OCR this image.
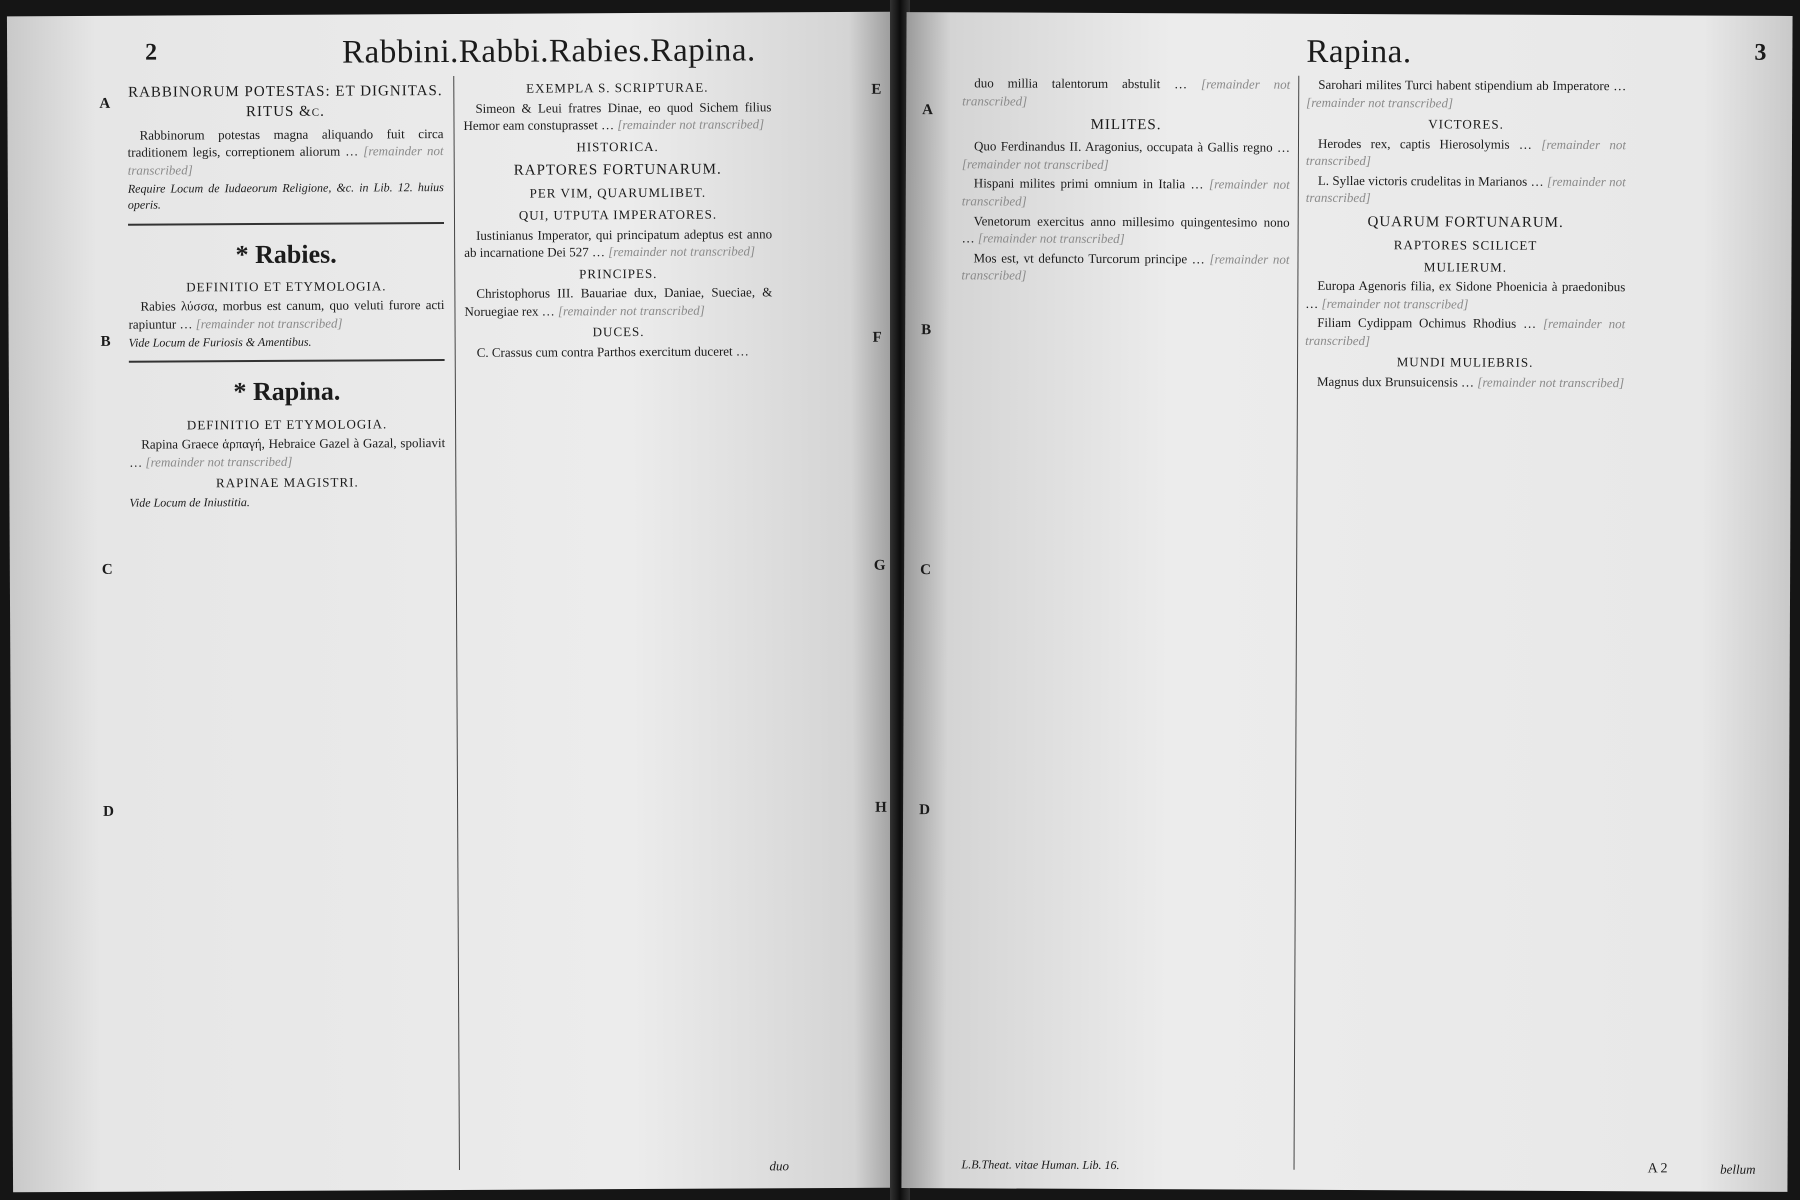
2	Rabbini.Rabbi.Rabies.Rapina.
A
B
C
D
E
F
G
H
RABBINORUM POTESTAS: ET DIGNITAS. RITUS &c.

Rabbinorum potestas magna aliquando fuit circa traditionem legis, correptionem aliorum … [remainder not transcribed]

Require Locum de Iudaeorum Religione, &c. in Lib. 12. huius operis.

* Rabies.
DEFINITIO ET ETYMOLOGIA.

Rabies λύσσα, morbus est canum, quo veluti furore acti rapiuntur … [remainder not transcribed]

Vide Locum de Furiosis & Amentibus.

* Rapina.
DEFINITIO ET ETYMOLOGIA.

Rapina Graece ἁρπαγή, Hebraice Gazel à Gazal, spoliavit … [remainder not transcribed]

RAPINAE MAGISTRI.

Vide Locum de Iniustitia.

EXEMPLA S. SCRIPTURAE.

Simeon & Leui fratres Dinae, eo quod Sichem filius Hemor eam constuprasset … [remainder not transcribed]

HISTORICA.
RAPTORES FORTUNARUM.
PER VIM, QUARUMLIBET.
QUI, UTPUTA IMPERATORES.

Iustinianus Imperator, qui principatum adeptus est anno ab incarnatione Dei 527 … [remainder not transcribed]

PRINCIPES.

Christophorus III. Bauariae dux, Daniae, Sueciae, & Noruegiae rex … [remainder not transcribed]

DUCES.

C. Crassus cum contra Parthos exercitum duceret …

duo
Rapina.	3
A
B
C
D

duo millia talentorum abstulit … [remainder not transcribed]

MILITES.

Quo Ferdinandus II. Aragonius, occupata à Gallis regno … [remainder not transcribed]

Hispani milites primi omnium in Italia … [remainder not transcribed]

Venetorum exercitus anno millesimo quingentesimo nono … [remainder not transcribed]

Mos est, vt defuncto Turcorum principe … [remainder not transcribed]

Sarohari milites Turci habent stipendium ab Imperatore … [remainder not transcribed]

VICTORES.

Herodes rex, captis Hierosolymis … [remainder not transcribed]

L. Syllae victoris crudelitas in Marianos … [remainder not transcribed]

QUARUM FORTUNARUM.
RAPTORES SCILICET
MULIERUM.

Europa Agenoris filia, ex Sidone Phoenicia à praedonibus … [remainder not transcribed]

Filiam Cydippam Ochimus Rhodius … [remainder not transcribed]

MUNDI MULIEBRIS.

Magnus dux Brunsuicensis … [remainder not transcribed]

L.B.Theat. vitae Human. Lib. 16.	A 2	bellum
